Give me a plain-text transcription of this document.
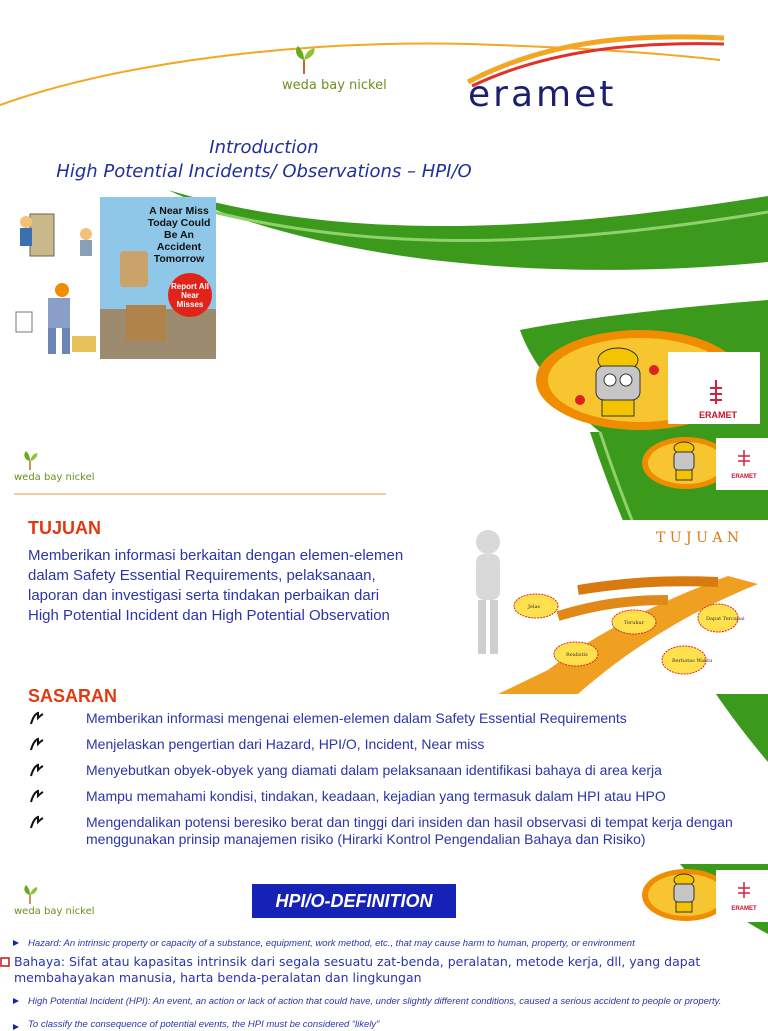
weda bay nickel eramet
Introduction
High Potential Incidents/ Observations – HPI/O
A Near Miss Today Could Be An Accident Tomorrow
Report All Near Misses
ERAMET
weda bay nickel	ERAMET
TUJUAN
Memberikan informasi berkaitan dengan elemen-elemen dalam Safety Essential Requirements, pelaksanaan, laporan dan investigasi serta tindakan perbaikan dari High Potential Incident dan High Potential Observation
T U J U A N
Jelas
Terukur
Dapat Tercapai
Realistis
Berbatas Waktu
SASARAN
Memberikan informasi mengenai elemen-elemen dalam Safety Essential Requirements
Menjelaskan pengertian dari Hazard, HPI/O, Incident, Near miss
Menyebutkan obyek-obyek yang diamati dalam pelaksanaan identifikasi bahaya di area kerja
Mampu memahami kondisi, tindakan, keadaan, kejadian yang termasuk dalam HPI atau HPO
Mengendalikan potensi beresiko berat dan tinggi dari insiden dan hasil observasi di tempat kerja dengan menggunakan prinsip manajemen risiko (Hirarki Kontrol Pengendalian Bahaya dan Risiko)
weda bay nickel
HPI/O-DEFINITION	ERAMET
Hazard: An intrinsic property or capacity of a substance, equipment, work method, etc., that may cause harm to human, property, or environment
Bahaya: Sifat atau kapasitas intrinsik dari segala sesuatu zat-benda, peralatan, metode kerja, dll, yang dapat membahayakan manusia, harta benda-peralatan dan lingkungan
High Potential Incident (HPI): An event, an action or lack of action that could have, under slightly different conditions, caused a serious accident to people or property.
To classify the consequence of potential events, the HPI must be considered “likely”
